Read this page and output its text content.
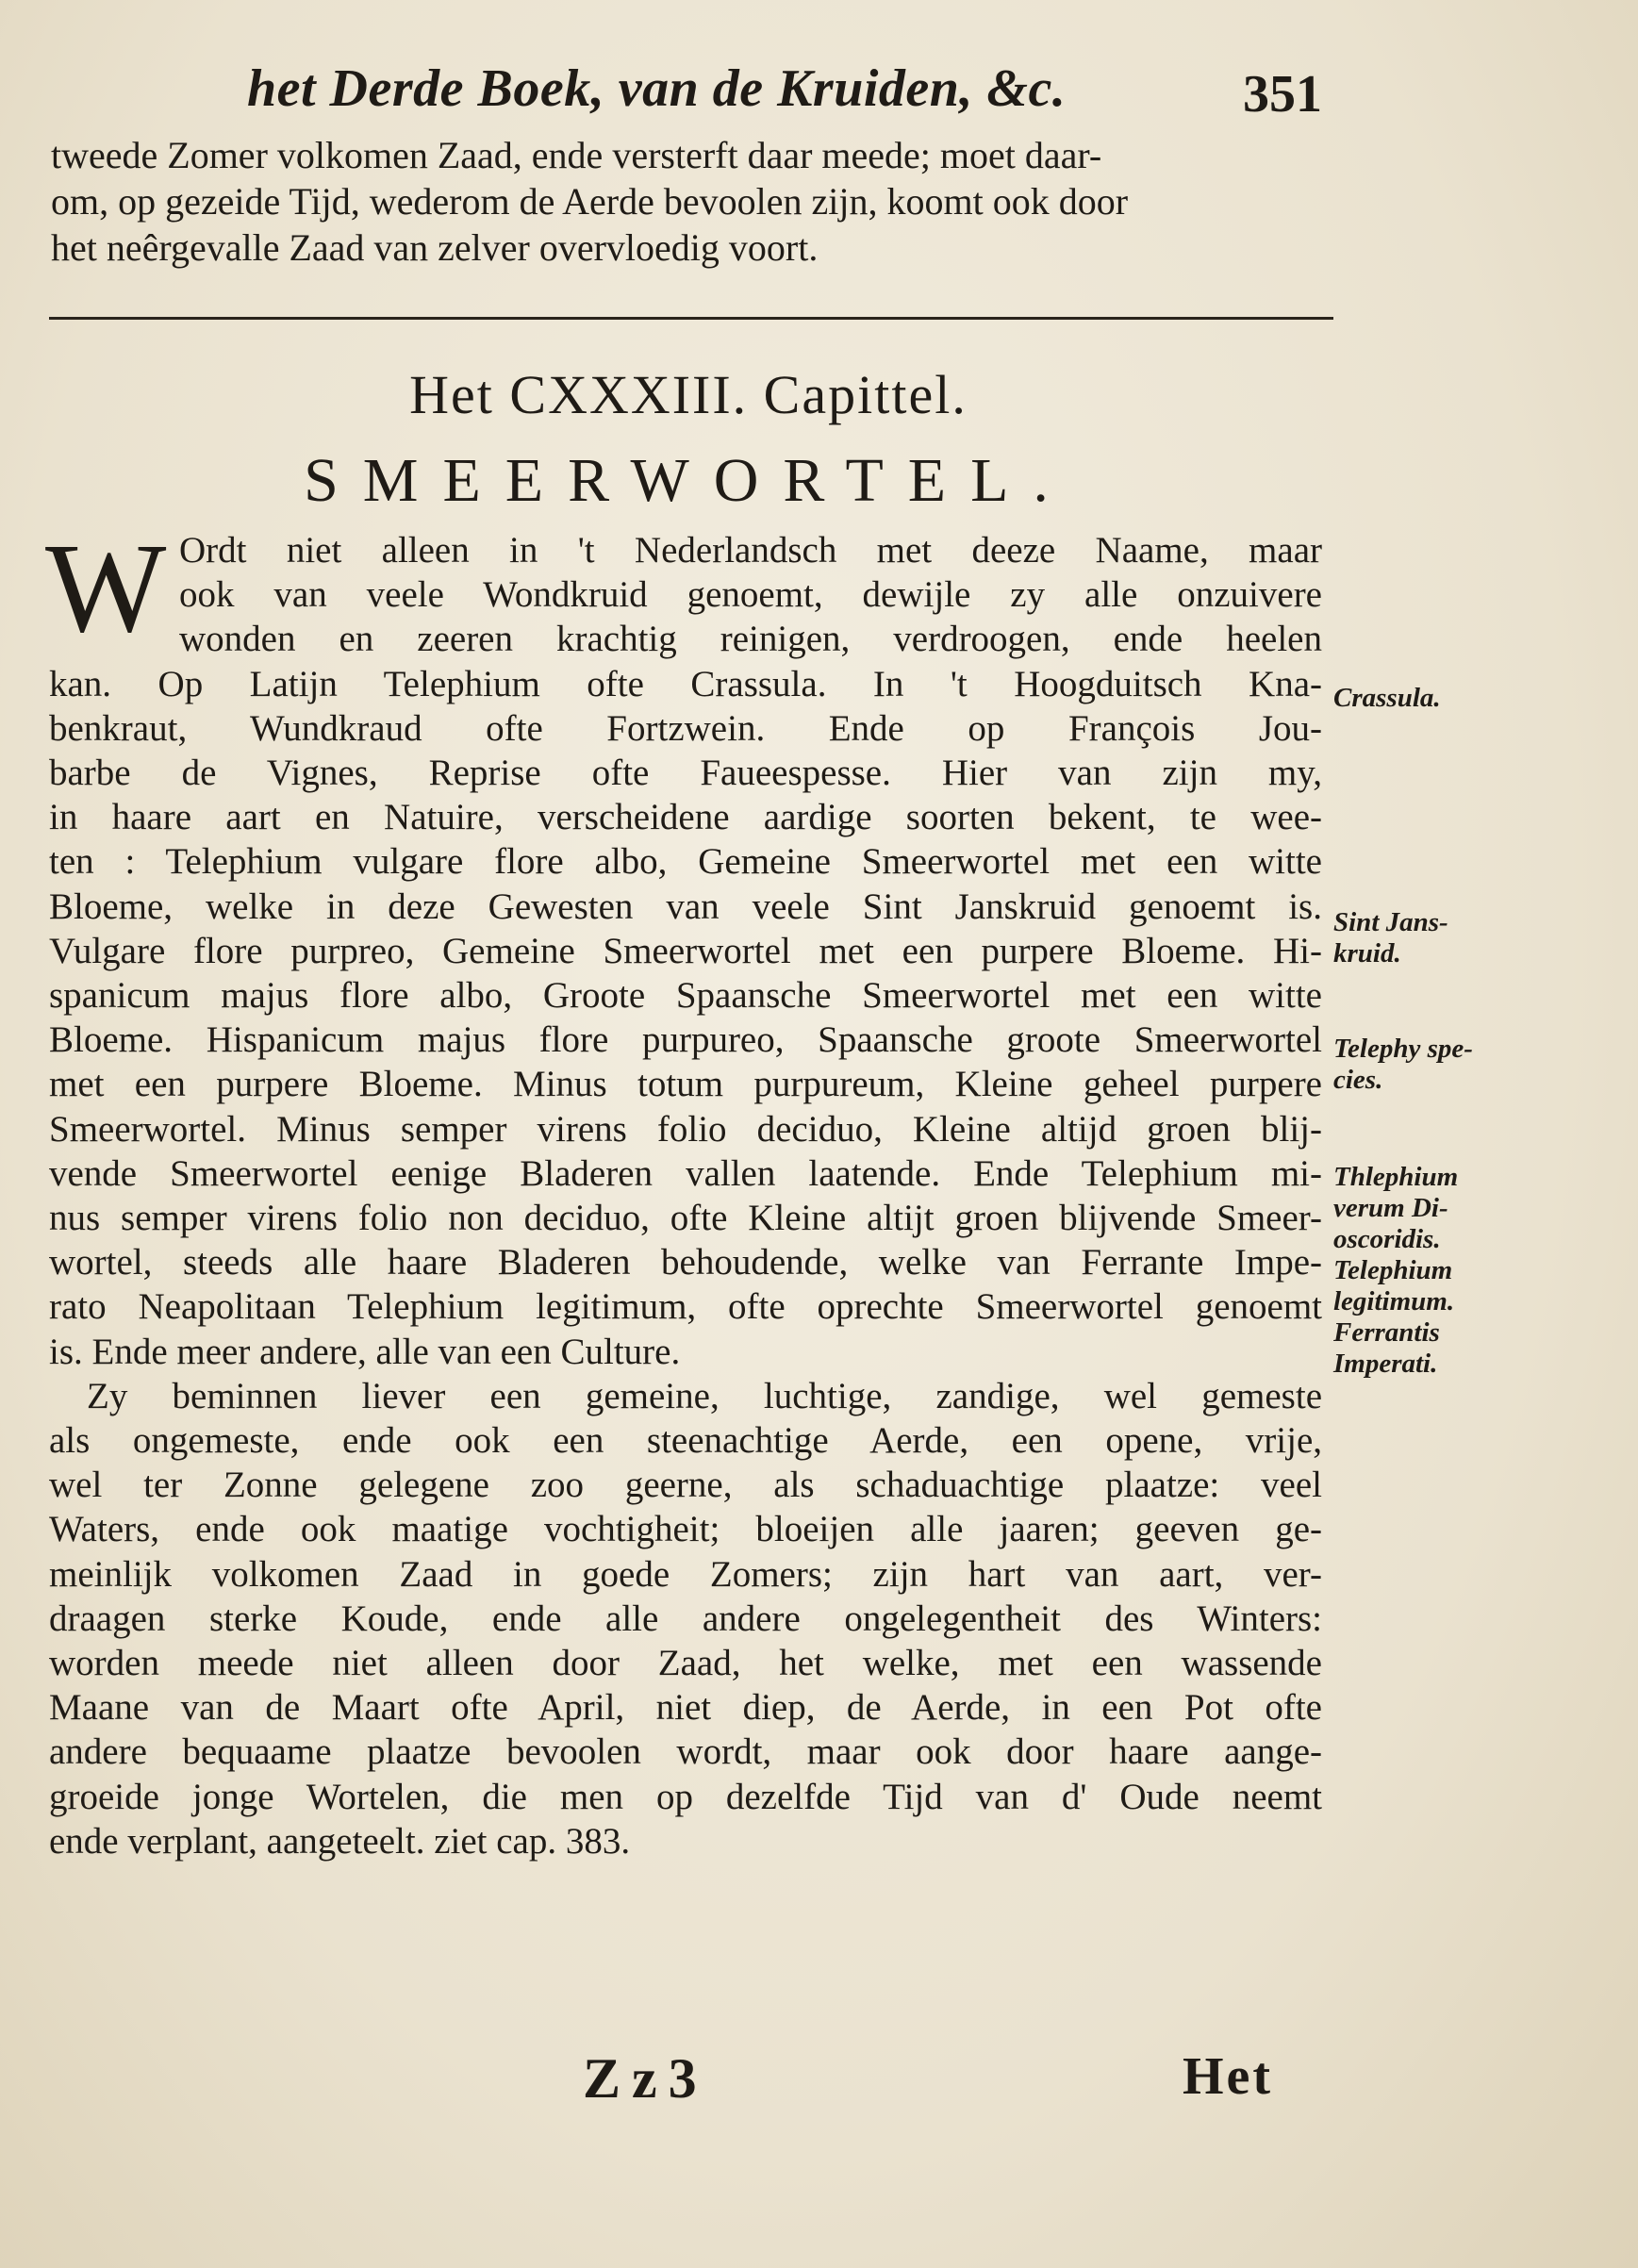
het Derde Boek, van de Kruiden, &c.	351
tweede Zomer volkomen Zaad, ende versterft daar meede; moet daar-
om, op gezeide Tijd, wederom de Aerde bevoolen zijn, koomt ook door
het neêrgevalle Zaad van zelver overvloedig voort.
Het CXXXIII. Capittel.
SMEERWORTEL.
W Ordt niet alleen in 't Nederlandsch met deeze Naame, maar
ook van veele Wondkruid genoemt, dewijle zy alle onzuivere
wonden en zeeren krachtig reinigen, verdroogen, ende heelen
kan. Op Latijn Telephium ofte Crassula. In 't Hoogduitsch Kna-
benkraut, Wundkraud ofte Fortzwein. Ende op François Jou-
barbe de Vignes, Reprise ofte Faueespesse. Hier van zijn my,
in haare aart en Natuire, verscheidene aardige soorten bekent, te wee-
ten : Telephium vulgare flore albo, Gemeine Smeerwortel met een witte
Bloeme, welke in deze Gewesten van veele Sint Janskruid genoemt is.
Vulgare flore purpreo, Gemeine Smeerwortel met een purpere Bloeme. Hi-
spanicum majus flore albo, Groote Spaansche Smeerwortel met een witte
Bloeme. Hispanicum majus flore purpureo, Spaansche groote Smeerwortel
met een purpere Bloeme. Minus totum purpureum, Kleine geheel purpere
Smeerwortel. Minus semper virens folio deciduo, Kleine altijd groen blij-
vende Smeerwortel eenige Bladeren vallen laatende. Ende Telephium mi-
nus semper virens folio non deciduo, ofte Kleine altijt groen blijvende Smeer-
wortel, steeds alle haare Bladeren behoudende, welke van Ferrante Impe-
rato Neapolitaan Telephium legitimum, ofte oprechte Smeerwortel genoemt
is. Ende meer andere, alle van een Culture.
Zy beminnen liever een gemeine, luchtige, zandige, wel gemeste
als ongemeste, ende ook een steenachtige Aerde, een opene, vrije,
wel ter Zonne gelegene zoo geerne, als schaduachtige plaatze: veel
Waters, ende ook maatige vochtigheit; bloeijen alle jaaren; geeven ge-
meinlijk volkomen Zaad in goede Zomers; zijn hart van aart, ver-
draagen sterke Koude, ende alle andere ongelegentheit des Winters:
worden meede niet alleen door Zaad, het welke, met een wassende
Maane van de Maart ofte April, niet diep, de Aerde, in een Pot ofte
andere bequaame plaatze bevoolen wordt, maar ook door haare aange-
groeide jonge Wortelen, die men op dezelfde Tijd van d' Oude neemt
ende verplant, aangeteelt. ziet cap. 383.
Crassula.
Sint Jans-
kruid.
Telephy spe-
cies.
Thlephium
verum Di-
oscoridis.
Telephium
legitimum.
Ferrantis
Imperati.
Zz3	Het
